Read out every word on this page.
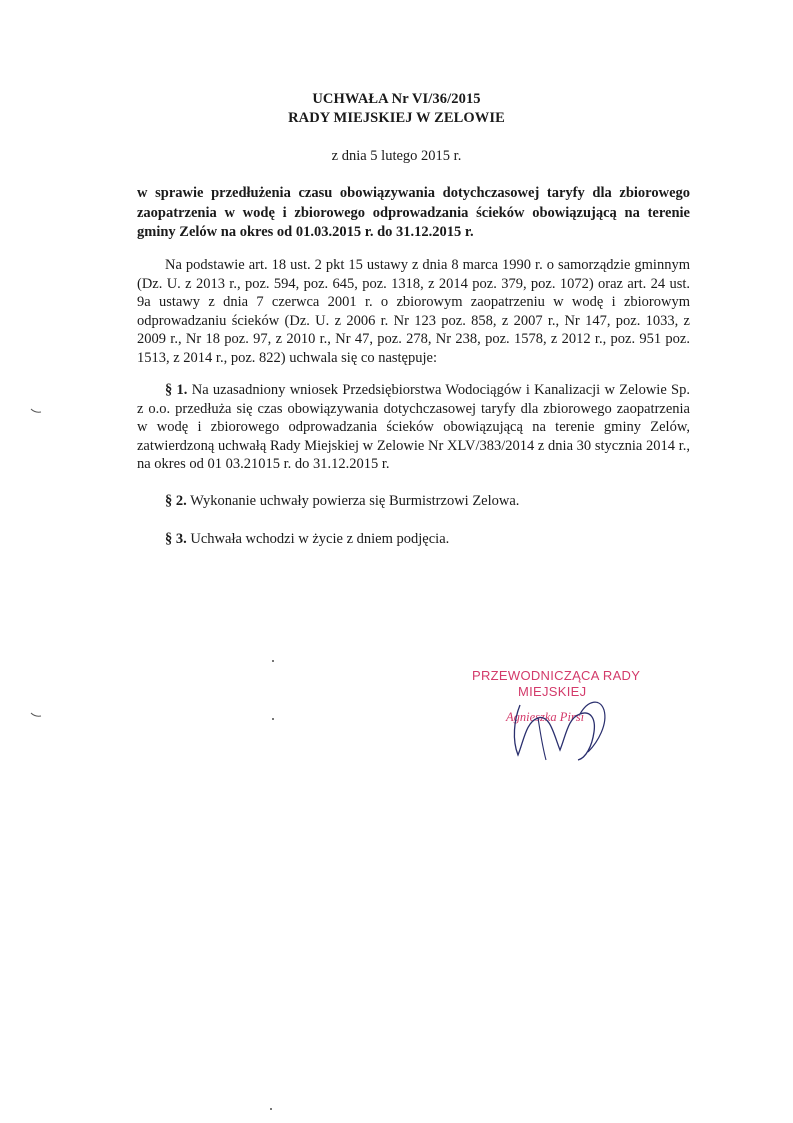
UCHWAŁA Nr VI/36/2015
RADY MIEJSKIEJ W ZELOWIE
z dnia 5 lutego 2015 r.
w sprawie przedłużenia czasu obowiązywania dotychczasowej taryfy dla zbiorowego zaopatrzenia w wodę i zbiorowego odprowadzania ścieków obowiązującą na terenie gminy Zelów na okres od 01.03.2015 r. do 31.12.2015 r.
Na podstawie art. 18 ust. 2 pkt 15 ustawy z dnia 8 marca 1990 r. o samorządzie gminnym (Dz. U. z 2013 r., poz. 594, poz. 645, poz. 1318, z 2014 poz. 379, poz. 1072) oraz art. 24 ust. 9a ustawy z dnia 7 czerwca 2001 r. o zbiorowym zaopatrzeniu w wodę i zbiorowym odprowadzaniu ścieków (Dz. U. z 2006 r. Nr 123 poz. 858, z 2007 r., Nr 147, poz. 1033, z 2009 r., Nr 18 poz. 97, z 2010 r., Nr 47, poz. 278, Nr 238, poz. 1578, z 2012 r., poz. 951 poz. 1513, z 2014 r., poz. 822) uchwala się co następuje:
§ 1. Na uzasadniony wniosek Przedsiębiorstwa Wodociągów i Kanalizacji w Zelowie Sp. z o.o. przedłuża się czas obowiązywania dotychczasowej taryfy dla zbiorowego zaopatrzenia w wodę i zbiorowego odprowadzania ścieków obowiązującą na terenie gminy Zelów, zatwierdzoną uchwałą Rady Miejskiej w Zelowie Nr XLV/383/2014 z dnia 30 stycznia 2014 r., na okres od 01 03.21015 r. do 31.12.2015 r.
§ 2. Wykonanie uchwały powierza się Burmistrzowi Zelowa.
§ 3. Uchwała wchodzi w życie z dniem podjęcia.
PRZEWODNICZĄCA RADY
MIEJSKIEJ
Agnieszka Pirsi
